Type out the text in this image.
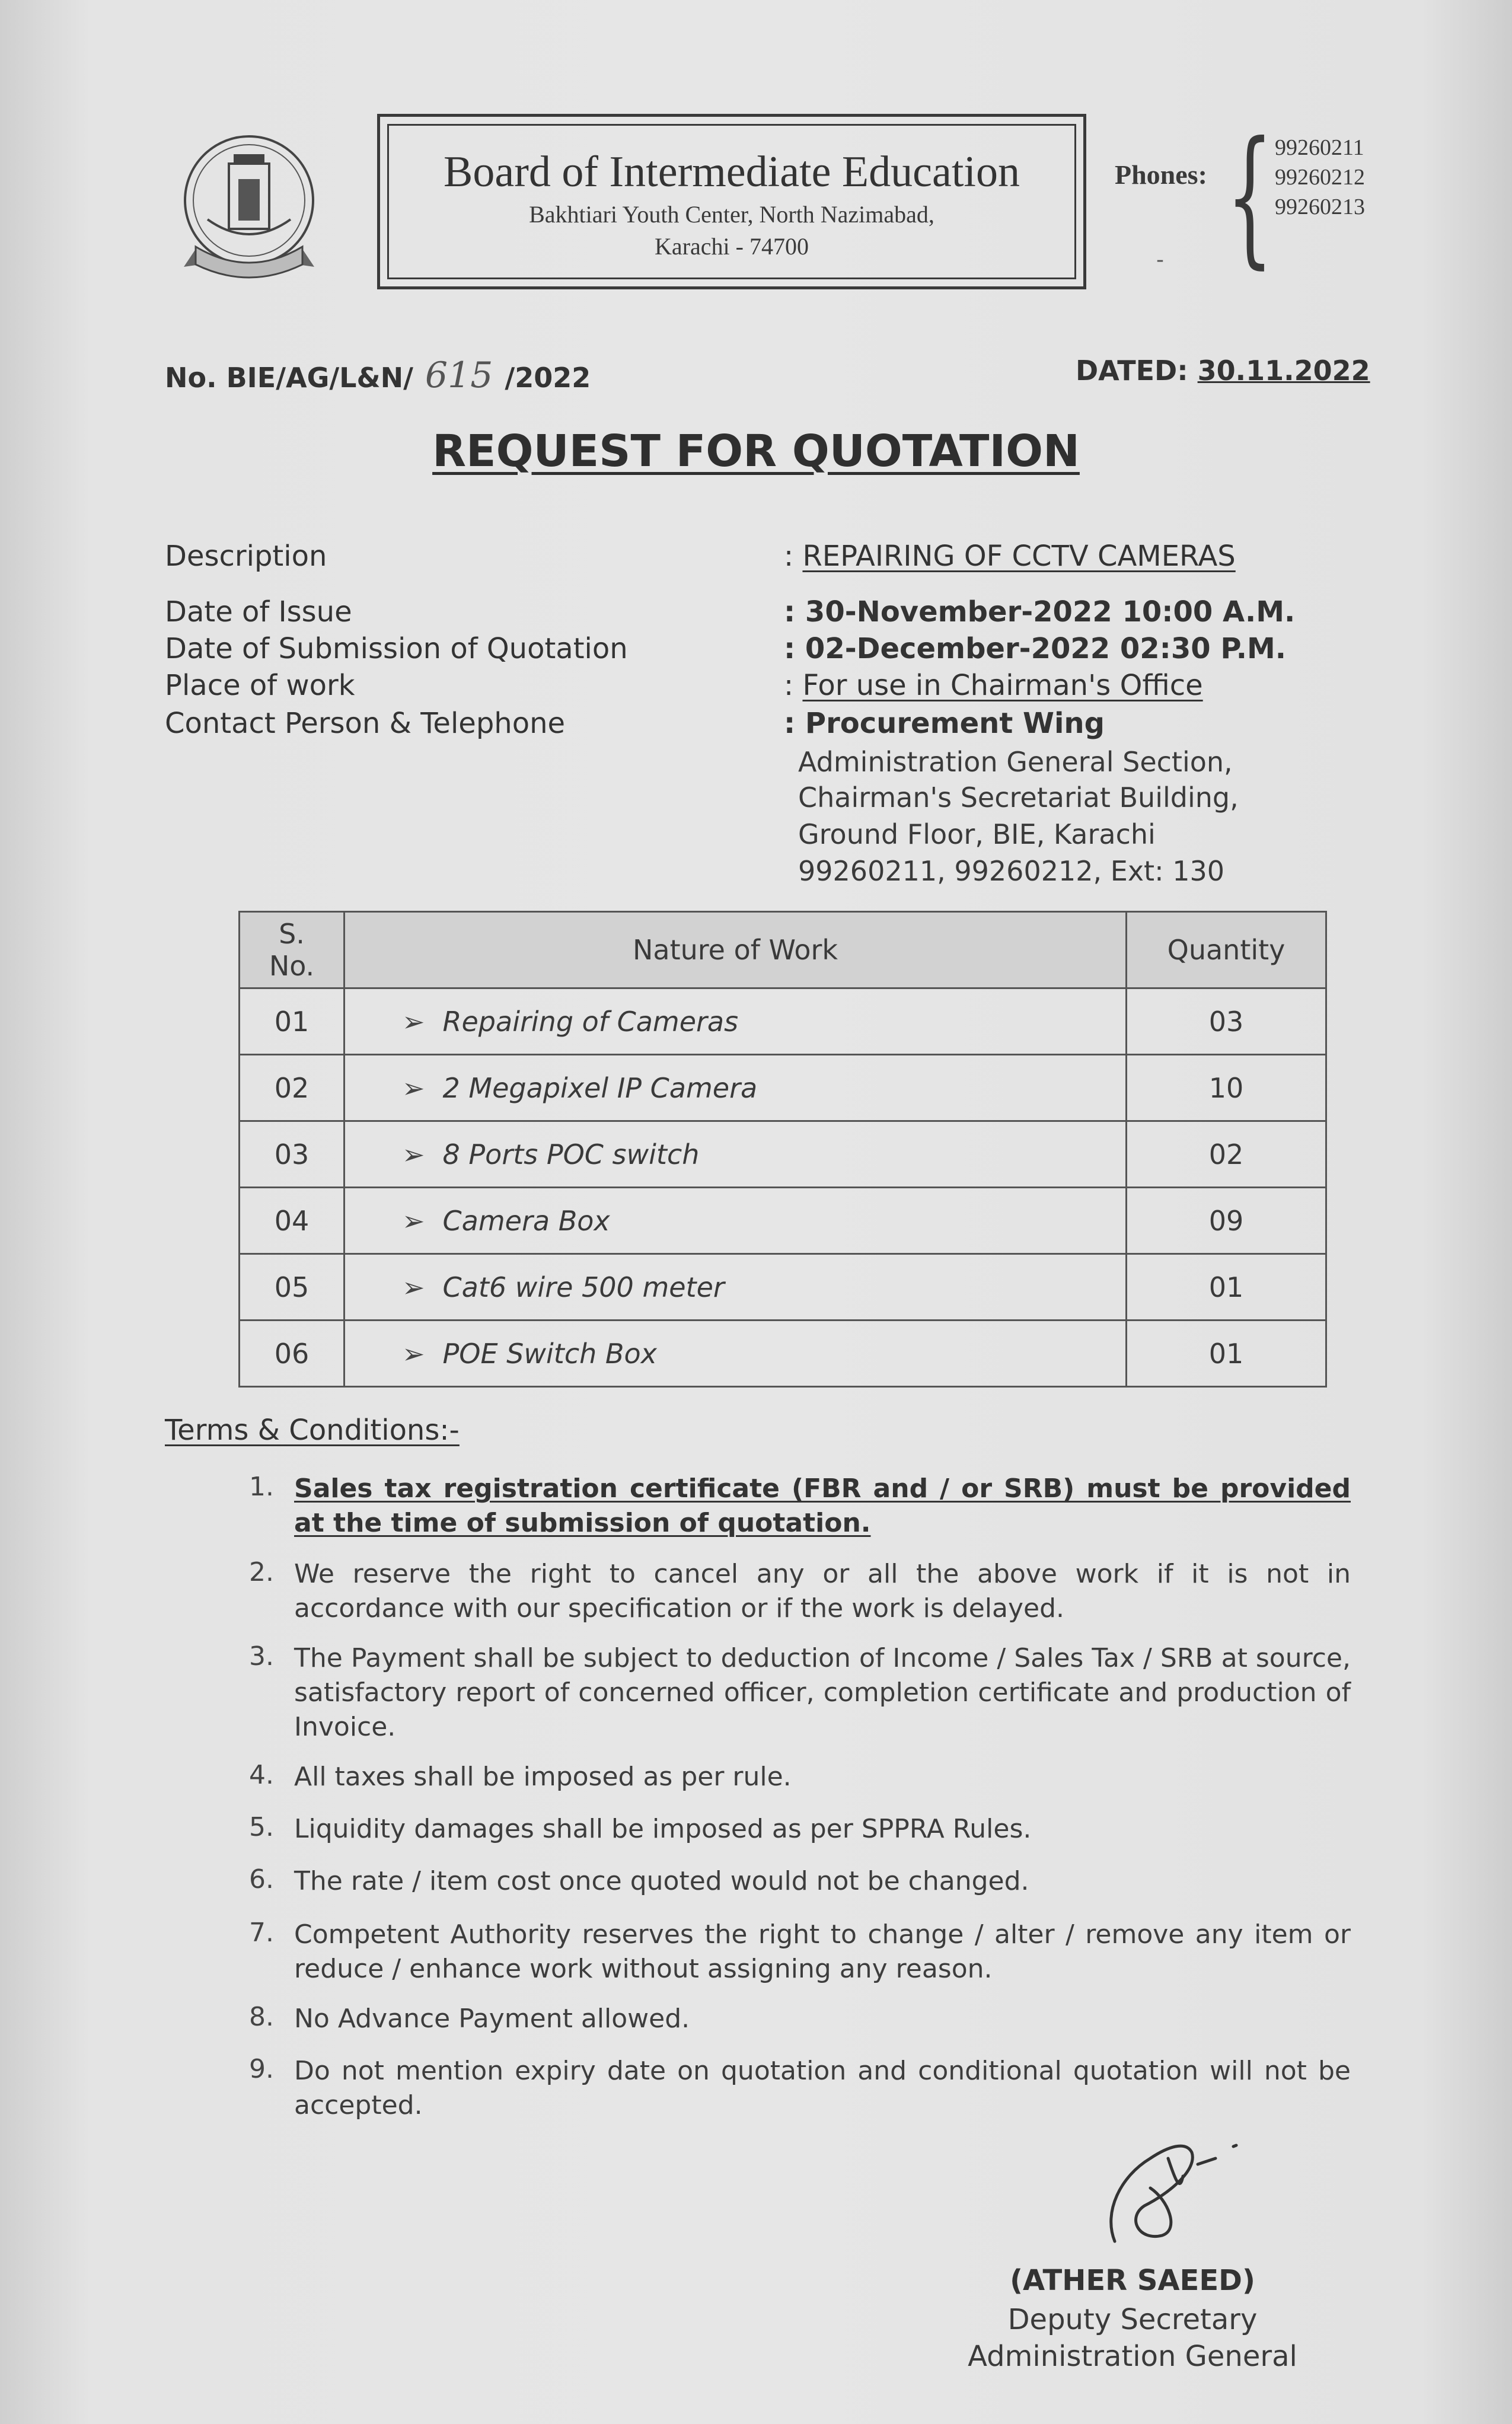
Board of Intermediate Education
Bakhtiari Youth Center, North Nazimabad,
Karachi - 74700
Phones: { 99260211
99260212
99260213
-
No. BIE/AG/L&N/ 615 /2022	DATED: 30.11.2022
REQUEST FOR QUOTATION
Description	: REPAIRING OF CCTV CAMERAS
Date of Issue	: 30-November-2022 10:00 A.M.
Date of Submission of Quotation	: 02-December-2022 02:30 P.M.
Place of work	: For use in Chairman's Office
Contact Person & Telephone	: Procurement Wing
Administration General Section,
Chairman's Secretariat Building,
Ground Floor, BIE, Karachi
99260211, 99260212, Ext: 130
S.
No.	Nature of Work	Quantity
01	➢ Repairing of Cameras	03
02	➢ 2 Megapixel IP Camera	10
03	➢ 8 Ports POC switch	02
04	➢ Camera Box	09
05	➢ Cat6 wire 500 meter	01
06	➢ POE Switch Box	01
Terms & Conditions:-
1. Sales tax registration certificate (FBR and / or SRB) must be provided at the time of submission of quotation.
2. We reserve the right to cancel any or all the above work if it is not in accordance with our specification or if the work is delayed.
3. The Payment shall be subject to deduction of Income / Sales Tax / SRB at source, satisfactory report of concerned officer, completion certificate and production of Invoice.
4. All taxes shall be imposed as per rule.
5. Liquidity damages shall be imposed as per SPPRA Rules.
6. The rate / item cost once quoted would not be changed.
7. Competent Authority reserves the right to change / alter / remove any item or reduce / enhance work without assigning any reason.
8. No Advance Payment allowed.
9. Do not mention expiry date on quotation and conditional quotation will not be accepted.
(ATHER SAEED)
Deputy Secretary
Administration General
